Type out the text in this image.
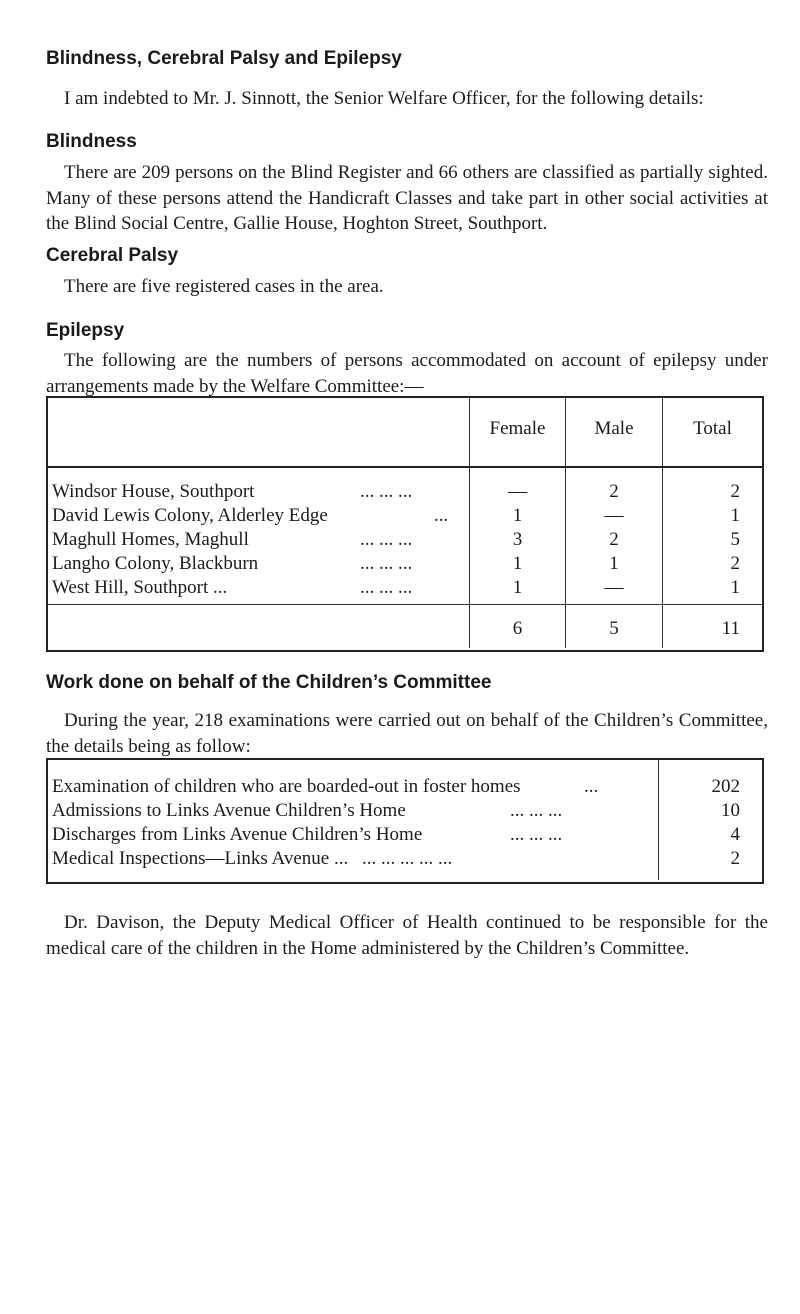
Blindness, Cerebral Palsy and Epilepsy

I am indebted to Mr. J. Sinnott, the Senior Welfare Officer, for the following details:

Blindness

There are 209 persons on the Blind Register and 66 others are classified as partially sighted. Many of these persons attend the Handicraft Classes and take part in other social activities at the Blind Social Centre, Gallie House, Hoghton Street, Southport.

Cerebral Palsy

There are five registered cases in the area.

Epilepsy

The following are the numbers of persons accommodated on account of epilepsy under arrangements made by the Welfare Committee:—

Female	Male	Total
Windsor House, Southport	... ... ...	—	2	2
David Lewis Colony, Alderley Edge	...	1	—	1
Maghull Homes, Maghull	... ... ...	3	2	5
Langho Colony, Blackburn	... ... ...	1	1	2
West Hill, Southport ...	... ... ...	1	—	1
6	5	11
Work done on behalf of the Children’s Committee

During the year, 218 examinations were carried out on behalf of the Children’s Committee, the details being as follow:

Examination of children who are boarded-out in foster homes	...	202
Admissions to Links Avenue Children’s Home	... ... ...	10
Discharges from Links Avenue Children’s Home	... ... ...	4
Medical Inspections—Links Avenue ... ... ... ... ... ...	2

Dr. Davison, the Deputy Medical Officer of Health continued to be responsible for the medical care of the children in the Home administered by the Children’s Committee.
